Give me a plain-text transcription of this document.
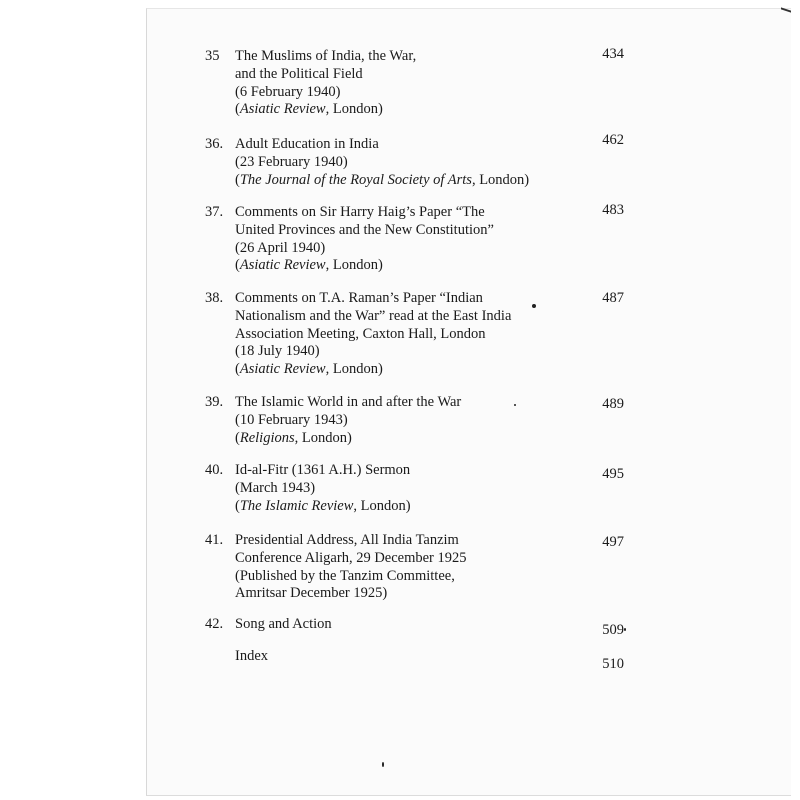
35	The Muslims of India, the War,
and the Political Field
(6 February 1940)
(Asiatic Review, London)
434
36. Adult Education in India
(23 February 1940)
(The Journal of the Royal Society of Arts, London)
462
37. Comments on Sir Harry Haig’s Paper “The
United Provinces and the New Constitution”
(26 April 1940)
(Asiatic Review, London)
483
38. Comments on T.A. Raman’s Paper “Indian
Nationalism and the War” read at the East India
Association Meeting, Caxton Hall, London
(18 July 1940)
(Asiatic Review, London)
487
39. The Islamic World in and after the War
(10 February 1943)
(Religions, London)
489
40. Id-al-Fitr (1361 A.H.) Sermon
(March 1943)
(The Islamic Review, London)
495
41. Presidential Address, All India Tanzim
Conference Aligarh, 29 December 1925
(Published by the Tanzim Committee,
Amritsar December 1925)
497
42. Song and Action	509
Index	510
